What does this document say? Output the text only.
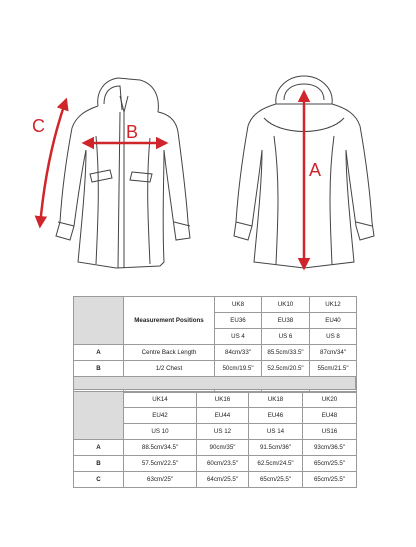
B
C
A
	Measurement Positions	UK8	UK10	UK12
		EU36	EU38	EU40
		US 4	US 6	US 8
A	Centre Back Length	84cm/33"	85.5cm/33.5"	87cm/34"
B	1/2 Chest	50cm/19.5"	52.5cm/20.5"	55cm/21.5"

	UK14	UK16	UK18	UK20
	EU42	EU44	EU46	EU48
	US 10	US 12	US 14	US16
A	88.5cm/34.5"	90cm/35"	91.5cm/36"	93cm/36.5"
B	57.5cm/22.5"	60cm/23.5"	62.5cm/24.5"	65cm/25.5"
C	63cm/25"	64cm/25.5"	65cm/25.5"	65cm/25.5"
